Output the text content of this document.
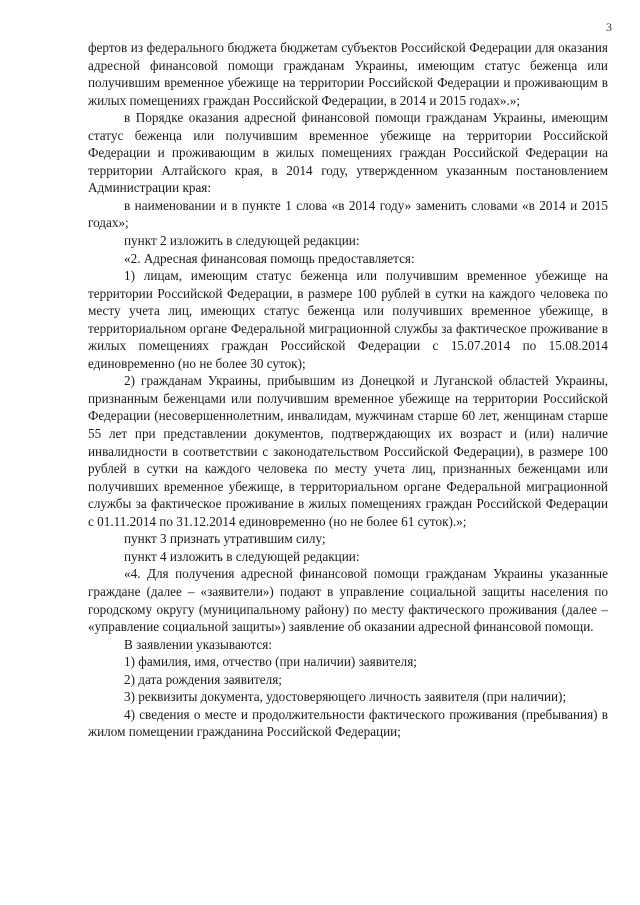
3

фертов из федерального бюджета бюджетам субъектов Российской Федерации для оказания адресной финансовой помощи гражданам Украины, имеющим статус беженца или получившим временное убежище на территории Российской Федерации и проживающим в жилых помещениях граждан Российской Федерации, в 2014 и 2015 годах».»;

в Порядке оказания адресной финансовой помощи гражданам Украины, имеющим статус беженца или получившим временное убежище на территории Российской Федерации и проживающим в жилых помещениях граждан Российской Федерации на территории Алтайского края, в 2014 году, утвержденном указанным постановлением Администрации края:

в наименовании и в пункте 1 слова «в 2014 году» заменить словами «в 2014 и 2015 годах»;

пункт 2 изложить в следующей редакции:

«2. Адресная финансовая помощь предоставляется:

1) лицам, имеющим статус беженца или получившим временное убежище на территории Российской Федерации, в размере 100 рублей в сутки на каждого человека по месту учета лиц, имеющих статус беженца или получивших временное убежище, в территориальном органе Федеральной миграционной службы за фактическое проживание в жилых помещениях граждан Российской Федерации с 15.07.2014 по 15.08.2014 единовременно (но не более 30 суток);

2) гражданам Украины, прибывшим из Донецкой и Луганской областей Украины, признанным беженцами или получившим временное убежище на территории Российской Федерации (несовершеннолетним, инвалидам, мужчинам старше 60 лет, женщинам старше 55 лет при представлении документов, подтверждающих их возраст и (или) наличие инвалидности в соответствии с законодательством Российской Федерации), в размере 100 рублей в сутки на каждого человека по месту учета лиц, признанных беженцами или получивших временное убежище, в территориальном органе Федеральной миграционной службы за фактическое проживание в жилых помещениях граждан Российской Федерации с 01.11.2014 по 31.12.2014 единовременно (но не более 61 суток).»;

пункт 3 признать утратившим силу;

пункт 4 изложить в следующей редакции:

«4. Для получения адресной финансовой помощи гражданам Украины указанные граждане (далее – «заявители») подают в управление социальной защиты населения по городскому округу (муниципальному району) по месту фактического проживания (далее – «управление социальной защиты») заявление об оказании адресной финансовой помощи.

В заявлении указываются:

1) фамилия, имя, отчество (при наличии) заявителя;

2) дата рождения заявителя;

3) реквизиты документа, удостоверяющего личность заявителя (при наличии);

4) сведения о месте и продолжительности фактического проживания (пребывания) в жилом помещении гражданина Российской Федерации;
